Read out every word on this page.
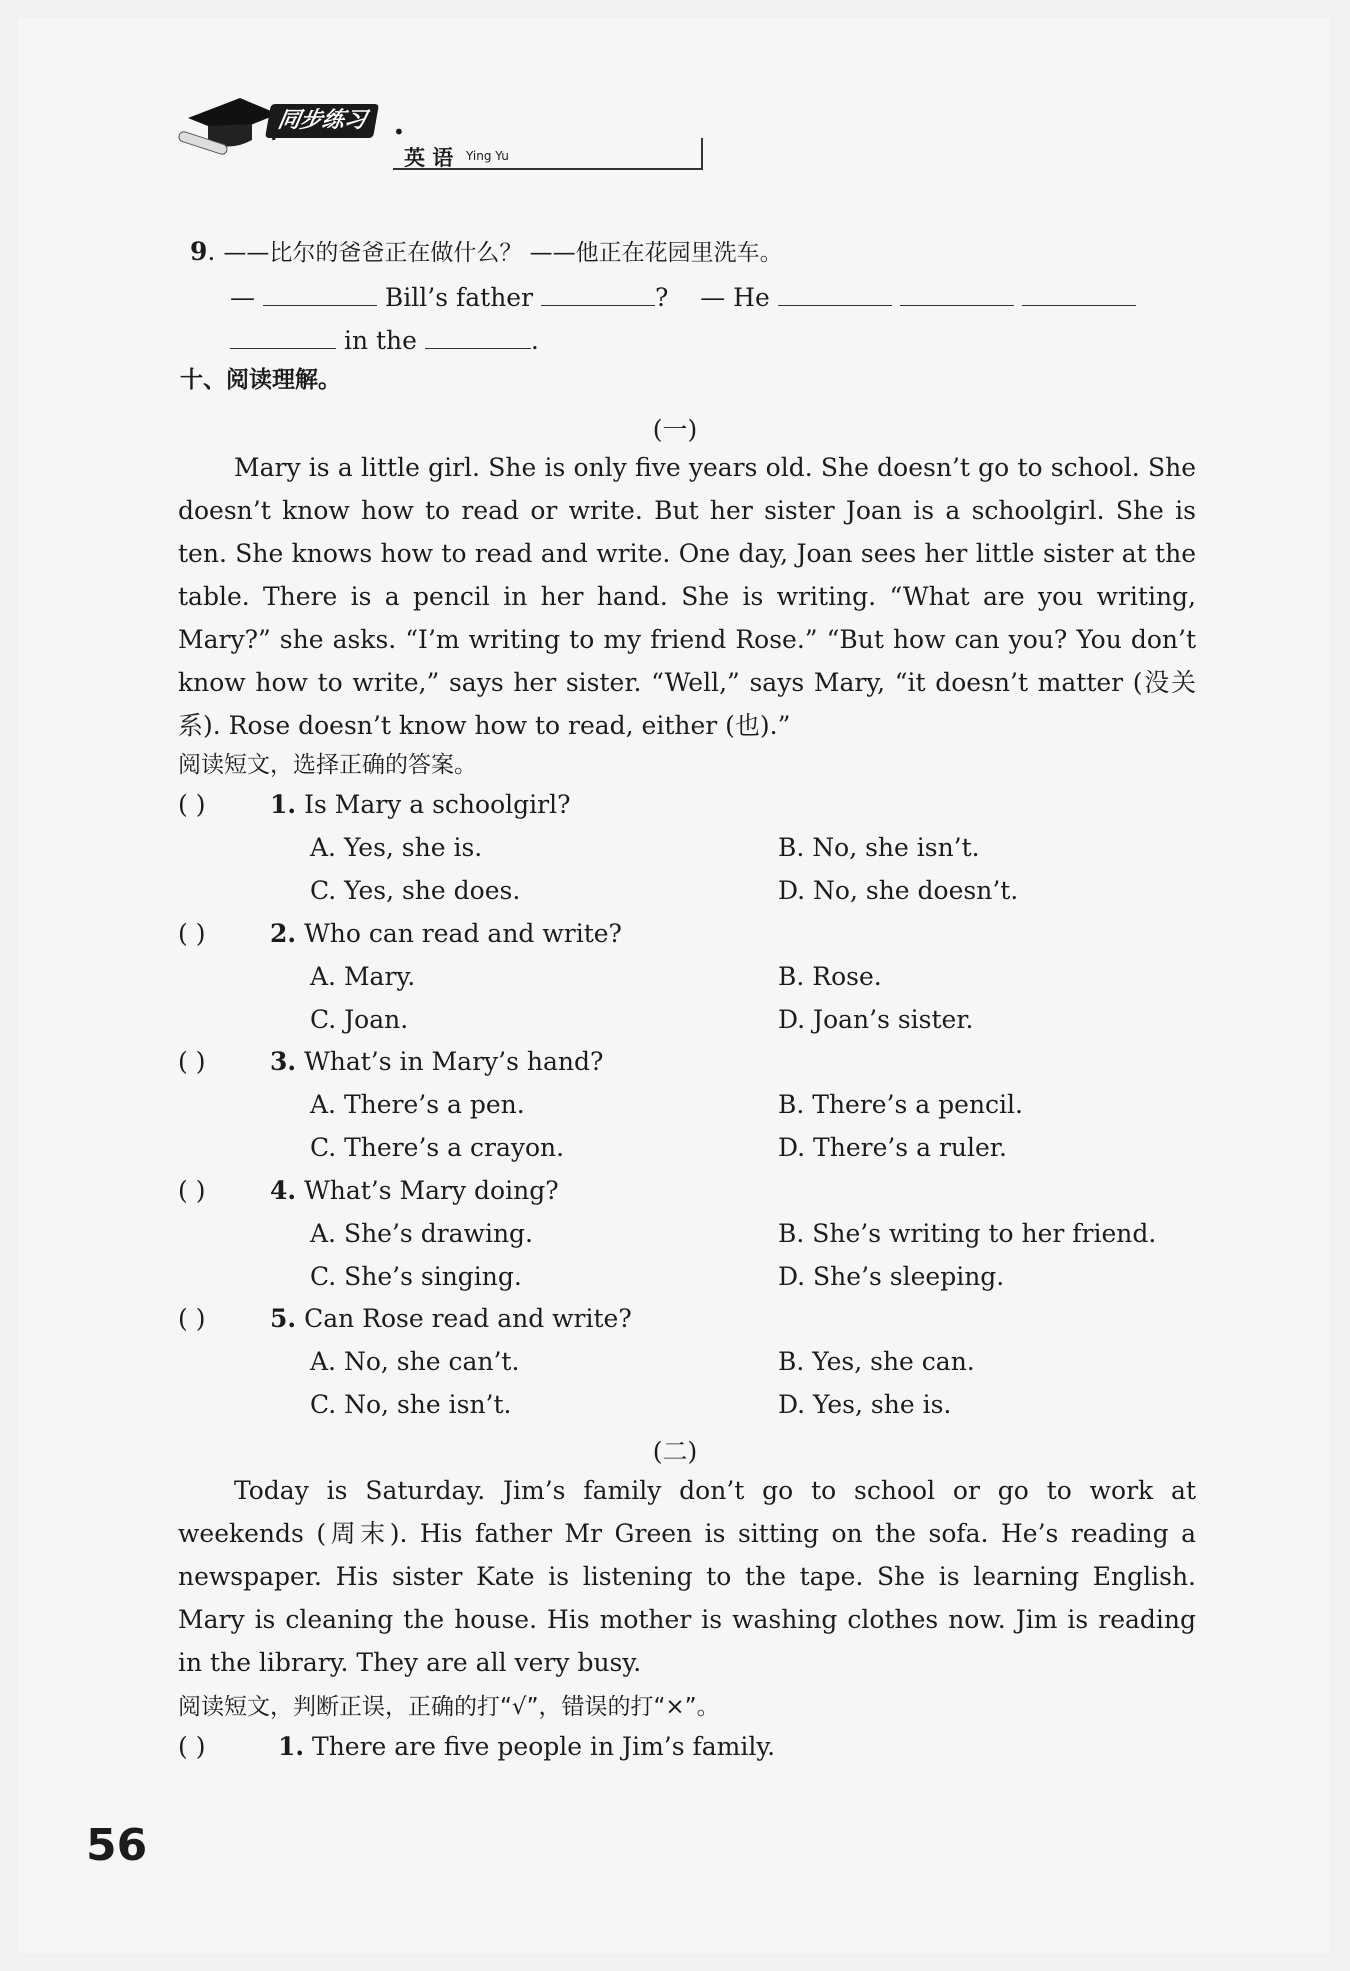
同步练习	•
英 语 Ying Yu
9. ——比尔的爸爸正在做什么？ ——他正在花园里洗车。
—	Bill’s father	? — He
in the	.
十、阅读理解。
(一)
Mary is a little girl. She is only five years old. She doesn’t go to school. She doesn’t know how to read or write. But her sister Joan is a schoolgirl. She is ten. She knows how to read and write. One day, Joan sees her little sister at the table. There is a pencil in her hand. She is writing. “What are you writing, Mary?” she asks. “I’m writing to my friend Rose.” “But how can you? You don’t know how to write,” says her sister. “Well,” says Mary, “it doesn’t matter (没关系). Rose doesn’t know how to read, either (也).”
阅读短文，选择正确的答案。
( )	1. Is Mary a schoolgirl?
A. Yes, she is.	B. No, she isn’t.
C. Yes, she does.	D. No, she doesn’t.
( )	2. Who can read and write?
A. Mary.	B. Rose.
C. Joan.	D. Joan’s sister.
( )	3. What’s in Mary’s hand?
A. There’s a pen.	B. There’s a pencil.
C. There’s a crayon.	D. There’s a ruler.
( )	4. What’s Mary doing?
A. She’s drawing.	B. She’s writing to her friend.
C. She’s singing.	D. She’s sleeping.
( )	5. Can Rose read and write?
A. No, she can’t.	B. Yes, she can.
C. No, she isn’t.	D. Yes, she is.
(二)
Today is Saturday. Jim’s family don’t go to school or go to work at weekends (周末). His father Mr Green is sitting on the sofa. He’s reading a newspaper. His sister Kate is listening to the tape. She is learning English. Mary is cleaning the house. His mother is washing clothes now. Jim is reading in the library. They are all very busy.
阅读短文，判断正误，正确的打“√”，错误的打“×”。
( )	1. There are five people in Jim’s family.
56
